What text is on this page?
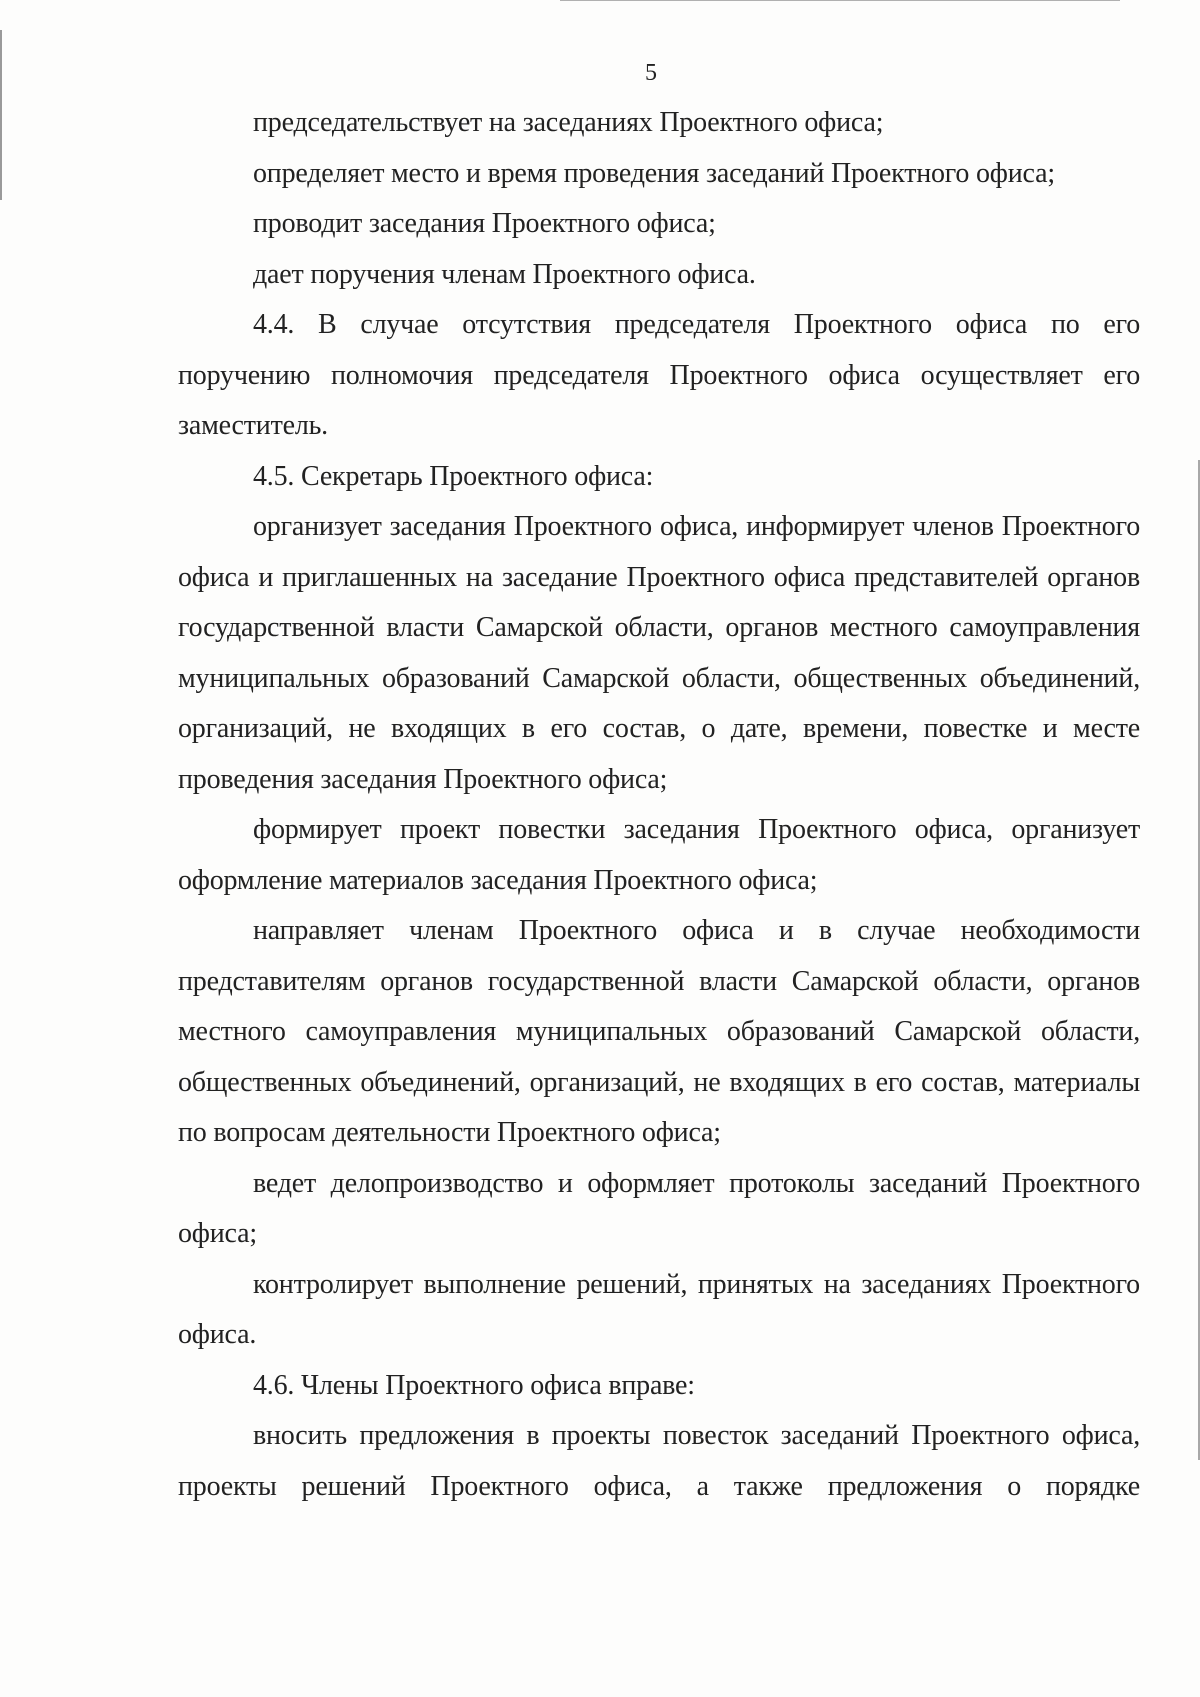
5

председательствует на заседаниях Проектного офиса;

определяет место и время проведения заседаний Проектного офиса;

проводит заседания Проектного офиса;

дает поручения членам Проектного офиса.

4.4. В случае отсутствия председателя Проектного офиса по его поручению полномочия председателя Проектного офиса осуществляет его заместитель.

4.5. Секретарь Проектного офиса:

организует заседания Проектного офиса, информирует членов Проектного офиса и приглашенных на заседание Проектного офиса представителей органов государственной власти Самарской области, органов местного самоуправления муниципальных образований Самарской области, общественных объединений, организаций, не входящих в его состав, о дате, времени, повестке и месте проведения заседания Проектного офиса;

формирует проект повестки заседания Проектного офиса, организует оформление материалов заседания Проектного офиса;

направляет членам Проектного офиса и в случае необходимости представителям органов государственной власти Самарской области, органов местного самоуправления муниципальных образований Самарской области, общественных объединений, организаций, не входящих в его состав, материалы по вопросам деятельности Проектного офиса;

ведет делопроизводство и оформляет протоколы заседаний Проектного офиса;

контролирует выполнение решений, принятых на заседаниях Проектного офиса.

4.6. Члены Проектного офиса вправе:

вносить предложения в проекты повесток заседаний Проектного офиса, проекты решений Проектного офиса, а также предложения о порядке
